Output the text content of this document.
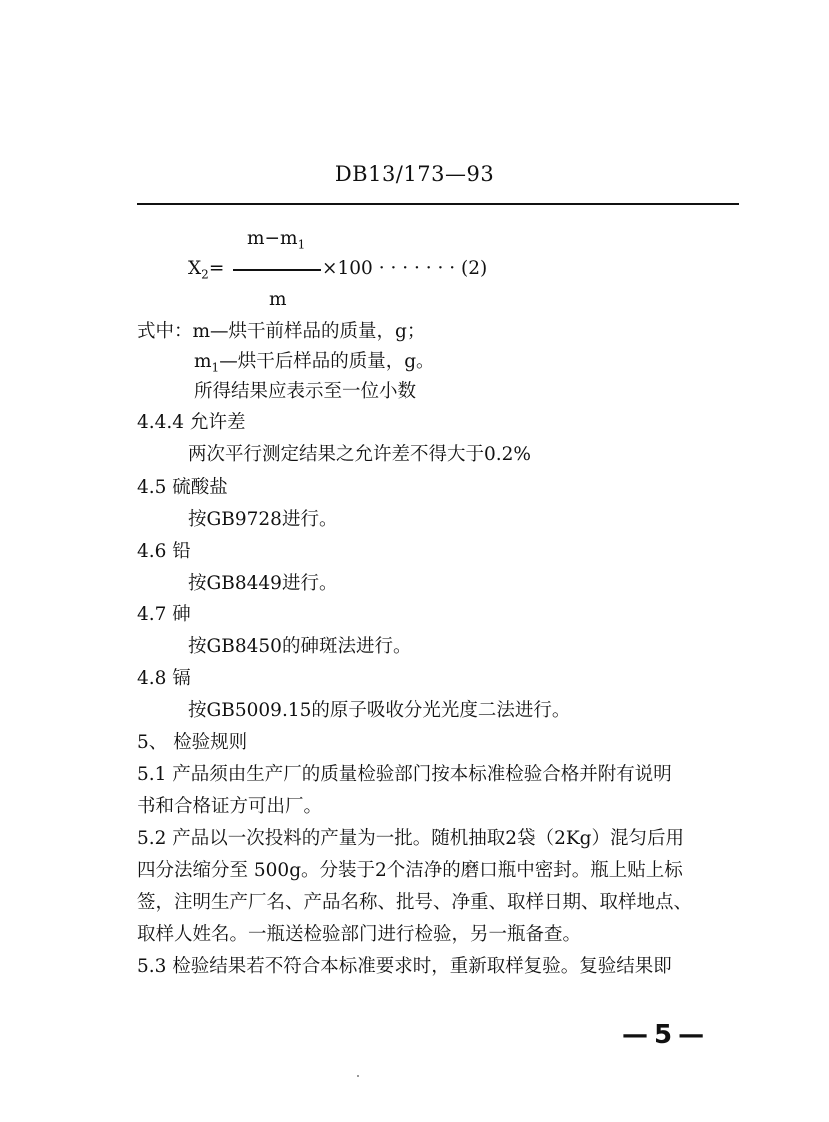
DB13/173—93
$m-m_1$
$X_2=$	×100 · · · · · · · (2)
m
式中：m—烘干前样品的质量，g；
$m_1—$烘干后样品的质量，g。
所得结果应表示至一位小数
4.4.4 允许差
两次平行测定结果之允许差不得大于0.2%
4.5 硫酸盐
按GB9728进行。
4.6 铅
按GB8449进行。
4.7 砷
按GB8450的砷斑法进行。
4.8 镉
按GB5009.15的原子吸收分光光度二法进行。
5、 检验规则
5.1 产品须由生产厂的质量检验部门按本标准检验合格并附有说明
书和合格证方可出厂。
5.2 产品以一次投料的产量为一批。随机抽取2袋（2Kg）混匀后用
四分法缩分至 500g。分装于2个洁净的磨口瓶中密封。瓶上贴上标
签，注明生产厂名、产品名称、批号、净重、取样日期、取样地点、
取样人姓名。一瓶送检验部门进行检验，另一瓶备查。
5.3 检验结果若不符合本标准要求时，重新取样复验。复验结果即
—5—
